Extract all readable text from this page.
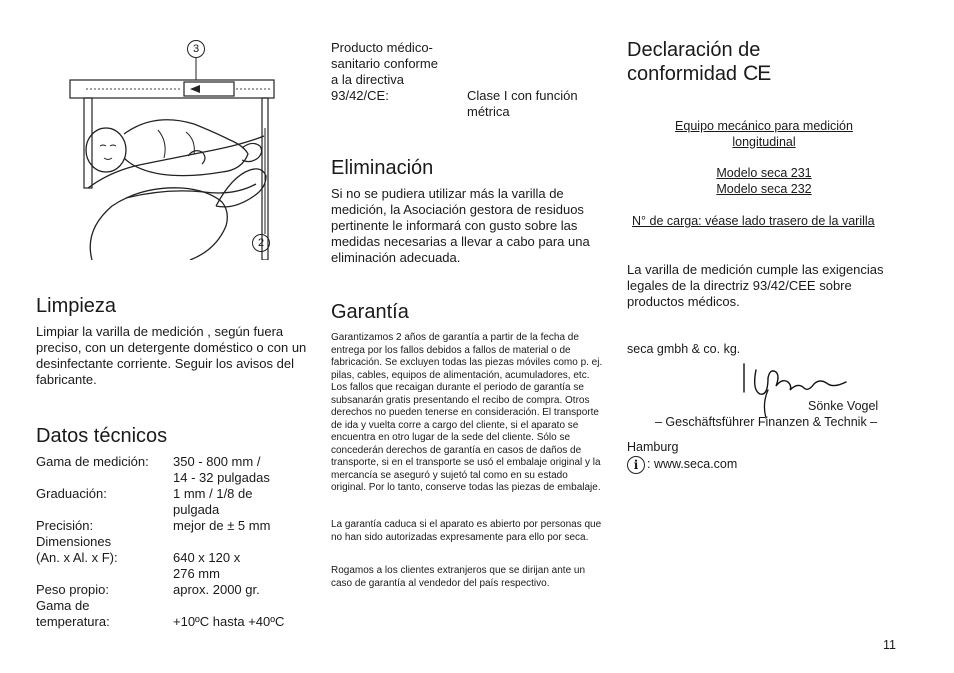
3
2
Limpieza
Limpiar la varilla de medición , según fuera preciso, con un detergente doméstico o con un desinfectante corriente. Seguir los avisos del fabricante.
Datos técnicos
Gama de medición:	350 - 800 mm /
14 - 32 pulgadas
Graduación:	1 mm / 1/8 de
pulgada
Precisión:	mejor de ± 5 mm
Dimensiones
(An. x Al. x F):	640 x 120 x
276 mm
Peso propio:	aprox. 2000 gr.
Gama de
temperatura:	+10ºC hasta +40ºC
Producto médico-
sanitario conforme
a la directiva
93/42/CE:	Clase I con función
métrica
Eliminación
Si no se pudiera utilizar más la varilla de medición, la Asociación gestora de residuos pertinente le informará con gusto sobre las medidas necesarias a llevar a cabo para una eliminación adecuada.
Garantía
Garantizamos 2 años de garantía a partir de la fecha de entrega por los fallos debidos a fallos de material o de fabricación. Se excluyen todas las piezas móviles como p. ej. pilas, cables, equipos de alimentación, acumuladores, etc. Los fallos que recaigan durante el periodo de garantía se subsanarán gratis presentando el recibo de compra. Otros derechos no pueden tenerse en consideración. El transporte de ida y vuelta corre a cargo del cliente, si el aparato se encuentra en otro lugar de la sede del cliente. Sólo se concederán derechos de garantía en casos de daños de transporte, si en el transporte se usó el embalaje original y la mercancía se aseguró y sujetó tal como en su estado original. Por lo tanto, conserve todas las piezas de embalaje.
La garantía caduca si el aparato es abierto por personas que no han sido autorizadas expresamente para ello por seca.
Rogamos a los clientes extranjeros que se dirijan ante un caso de garantía al vendedor del país respectivo.
Declaración de
conformidad CE
Equipo mecánico para medición
longitudinal
Modelo seca 231
Modelo seca 232
N° de carga: véase lado trasero de la varilla
La varilla de medición cumple las exigencias legales de la directriz 93/42/CEE sobre productos médicos.
seca gmbh & co. kg.
Sönke Vogel
– Geschäftsführer Finanzen & Technik –
Hamburg
i : www.seca.com
11
